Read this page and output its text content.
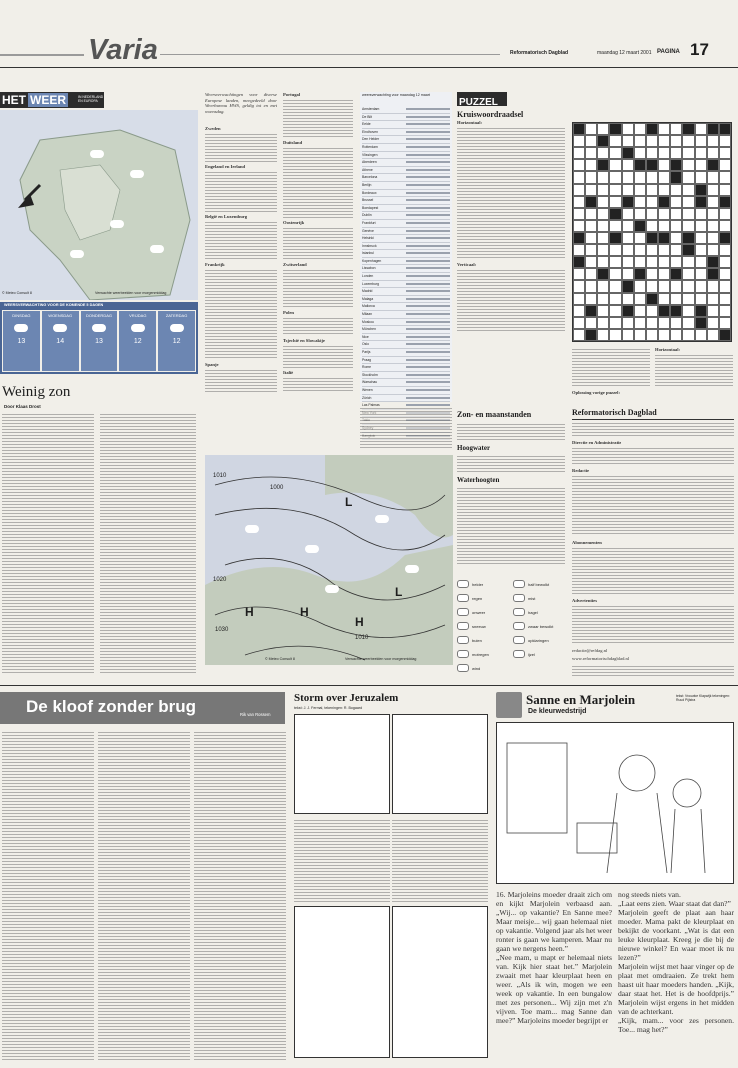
Varia	Reformatorisch Dagblad	maandag 12 maart 2001 PAGINA 17
HET WEER	IN NEDERLAND EN EUROPA
© Meteo Consult 8	Verwachte weerbeelden voor morgenmiddag
WEERSVERWACHTING VOOR DE KOMENDE 5 DAGEN
DINSDAG
13
WOENSDAG
14
DONDERDAG
13
VRIJDAG
12
ZATERDAG
12
Weinig zon
Door Klaas Drost
Weersverwachtingen voor diverse Europese landen, meegedeeld door Weerbureau HWS, geldig tot en met woensdag.
Zweden
Engeland en Ierland
België en Luxemburg
Frankrijk
Spanje
Portugal
Duitsland
Oostenrijk
Zwitserland
Polen
Tsjechië en Slowakije
Italië
weersverwachting voor maandag 12 maart
Amsterdam
De Bilt
Eelde
Eindhoven
Den Helder
Rotterdam
Vlissingen
Aberdeen
Athene
Barcelona
Berlijn
Bordeaux
Brussel
Boedapest
Dublin
Frankfurt
Genève
Helsinki
Innsbruck
Istanbul
Kopenhagen
Lissabon
Londen
Luxemburg
Madrid
Malaga
Mallorca
Milaan
Moskou
München
Nice
Oslo
Parijs
Praag
Rome
Stockholm
Warschau
Wenen
Zürich
1010
1000
1020
1030
1010
H	H
H
L
L
© Meteo Consult 8	Verwachte weerbeelden voor morgenmiddag
PUZZEL
Kruiswoordraadsel
Horizontaal:
Verticaal:
Horizontaal:
Oplossing vorige puzzel:
Zon- en maanstanden
Hoogwater
Waterhoogten
helder	half bewolkt
regen	mist
onweer	hagel
sneeuw	zwaar bewolkt
buien	opklaringen
motregen	ijzel
wind
Reformatorisch Dagblad
Directie en Administratie
Redactie
Abonnementen
Advertenties
redactie@refdag.nl
www.reformatorischdagblad.nl
De kloof zonder brug	Rik van Rossem
Storm over Jeruzalem
tekst: J. J. Fermal, tekeningen: R. Bogaard
Sanne en Marjolein
De kleurwedstrijd
tekst: Vrouwke Klapwijk tekeningen: Ruud Pijlstra
16. Marjoleins moeder draait zich om en kijkt Marjolein verbaasd aan. „Wij... op vakantie? En Sanne mee? Maar meisje... wij gaan helemaal niet op vakantie. Volgend jaar als het weer ronter is gaan we kamperen. Maar nu gaan we nergens heen.”
„Nee mam, u mapt er helemaal niets van. Kijk hier staat het.” Marjolein zwaait met haar kleurplaat heen en weer. „Als ik win, mogen we een week op vakantie. In een bungalow met zes personen... Wij zijn met z'n vijven. Toe mam... mag Sanne dan mee?” Marjoleins moeder begrijpt er
nog steeds niets van.
„Laat eens zien. Waar staat dat dan?”
Marjolein geeft de plaat aan haar moeder. Mama pakt de kleurplaat en bekijkt de voorkant. „Wat is dat een leuke kleurplaat. Kreeg je die bij de nieuwe winkel? En waar moet ik nu lezen?”
Marjolein wijst met haar vinger op de plaat met omdraaien. Ze trekt hem haast uit haar moeders handen. „Kijk, daar staat het. Het is de hoofdprijs.” Marjolein wijst ergens in het midden van de achterkant.
„Kijk, mam... voor zes personen. Toe... mag het?”
